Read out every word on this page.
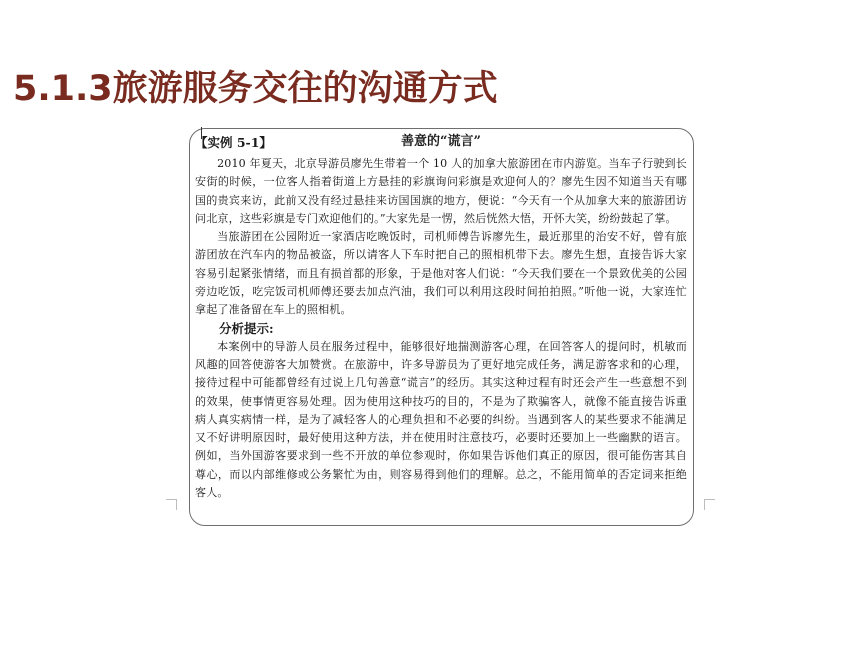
5.1.3旅游服务交往的沟通方式
【实例 5-1】	善意的“谎言”

2010 年夏天，北京导游员廖先生带着一个 10 人的加拿大旅游团在市内游览。当车子行驶到长安街的时候，一位客人指着街道上方悬挂的彩旗询问彩旗是欢迎何人的？廖先生因不知道当天有哪国的贵宾来访，此前又没有经过悬挂来访国国旗的地方，便说：“今天有一个从加拿大来的旅游团访问北京，这些彩旗是专门欢迎他们的。”大家先是一愣，然后恍然大悟，开怀大笑，纷纷鼓起了掌。

当旅游团在公园附近一家酒店吃晚饭时，司机师傅告诉廖先生，最近那里的治安不好，曾有旅游团放在汽车内的物品被盗，所以请客人下车时把自己的照相机带下去。廖先生想，直接告诉大家容易引起紧张情绪，而且有损首都的形象，于是他对客人们说：“今天我们要在一个景致优美的公园旁边吃饭，吃完饭司机师傅还要去加点汽油，我们可以利用这段时间拍拍照。”听他一说，大家连忙拿起了准备留在车上的照相机。

分析提示:

本案例中的导游人员在服务过程中，能够很好地揣测游客心理，在回答客人的提问时，机敏而风趣的回答使游客大加赞赏。在旅游中，许多导游员为了更好地完成任务，满足游客求和的心理，接待过程中可能都曾经有过说上几句善意“谎言”的经历。其实这种过程有时还会产生一些意想不到的效果，使事情更容易处理。因为使用这种技巧的目的，不是为了欺骗客人，就像不能直接告诉重病人真实病情一样，是为了减轻客人的心理负担和不必要的纠纷。当遇到客人的某些要求不能满足又不好讲明原因时，最好使用这种方法，并在使用时注意技巧，必要时还要加上一些幽默的语言。例如，当外国游客要求到一些不开放的单位参观时，你如果告诉他们真正的原因，很可能伤害其自尊心，而以内部维修或公务繁忙为由，则容易得到他们的理解。总之，不能用简单的否定词来拒绝客人。
